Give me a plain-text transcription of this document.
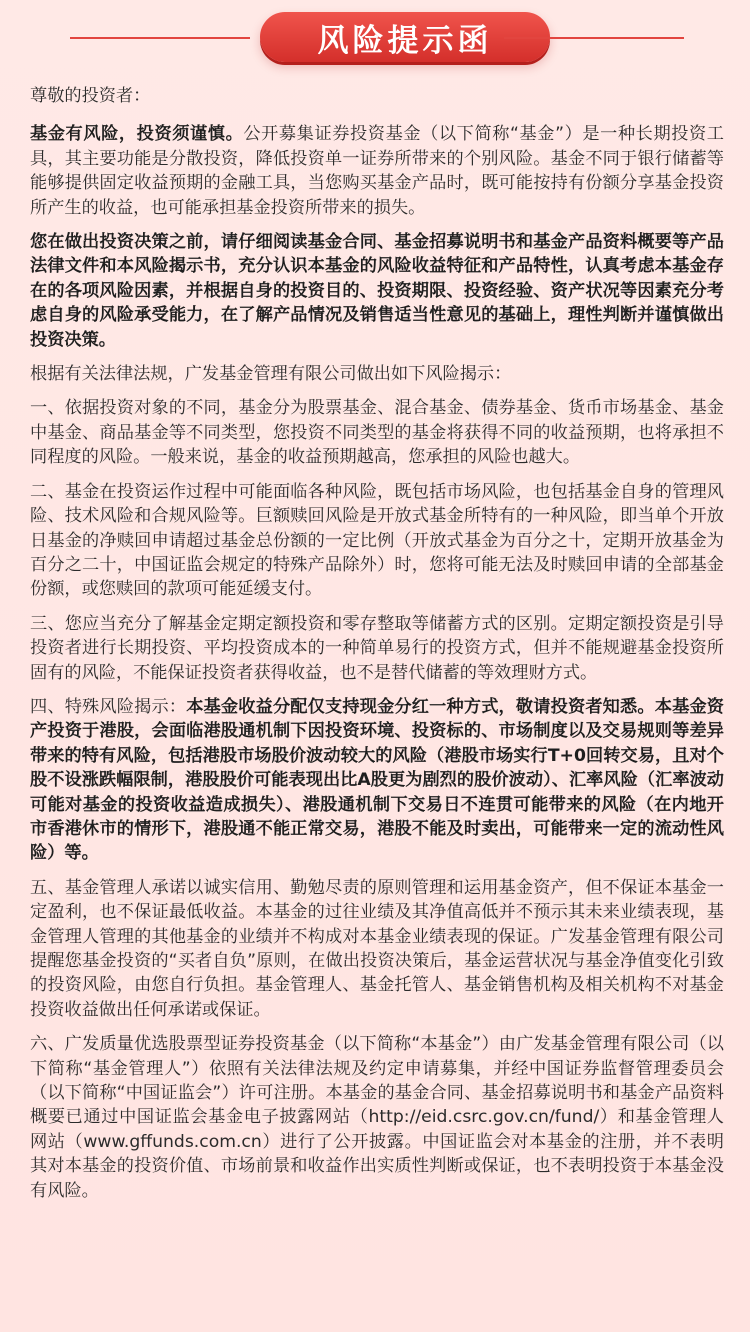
风险提示函

尊敬的投资者：

基金有风险，投资须谨慎。公开募集证券投资基金（以下简称“基金”）是一种长期投资工具，其主要功能是分散投资，降低投资单一证券所带来的个别风险。基金不同于银行储蓄等能够提供固定收益预期的金融工具，当您购买基金产品时，既可能按持有份额分享基金投资所产生的收益，也可能承担基金投资所带来的损失。

您在做出投资决策之前，请仔细阅读基金合同、基金招募说明书和基金产品资料概要等产品法律文件和本风险揭示书，充分认识本基金的风险收益特征和产品特性，认真考虑本基金存在的各项风险因素，并根据自身的投资目的、投资期限、投资经验、资产状况等因素充分考虑自身的风险承受能力，在了解产品情况及销售适当性意见的基础上，理性判断并谨慎做出投资决策。

根据有关法律法规，广发基金管理有限公司做出如下风险揭示：

一、依据投资对象的不同，基金分为股票基金、混合基金、债券基金、货币市场基金、基金中基金、商品基金等不同类型，您投资不同类型的基金将获得不同的收益预期，也将承担不同程度的风险。一般来说，基金的收益预期越高，您承担的风险也越大。

二、基金在投资运作过程中可能面临各种风险，既包括市场风险，也包括基金自身的管理风险、技术风险和合规风险等。巨额赎回风险是开放式基金所特有的一种风险，即当单个开放日基金的净赎回申请超过基金总份额的一定比例（开放式基金为百分之十，定期开放基金为百分之二十，中国证监会规定的特殊产品除外）时，您将可能无法及时赎回申请的全部基金份额，或您赎回的款项可能延缓支付。

三、您应当充分了解基金定期定额投资和零存整取等储蓄方式的区别。定期定额投资是引导投资者进行长期投资、平均投资成本的一种简单易行的投资方式，但并不能规避基金投资所固有的风险，不能保证投资者获得收益，也不是替代储蓄的等效理财方式。

四、特殊风险揭示：本基金收益分配仅支持现金分红一种方式，敬请投资者知悉。本基金资产投资于港股，会面临港股通机制下因投资环境、投资标的、市场制度以及交易规则等差异带来的特有风险，包括港股市场股价波动较大的风险（港股市场实行T+0回转交易，且对个股不设涨跌幅限制，港股股价可能表现出比A股更为剧烈的股价波动）、汇率风险（汇率波动可能对基金的投资收益造成损失）、港股通机制下交易日不连贯可能带来的风险（在内地开市香港休市的情形下，港股通不能正常交易，港股不能及时卖出，可能带来一定的流动性风险）等。

五、基金管理人承诺以诚实信用、勤勉尽责的原则管理和运用基金资产，但不保证本基金一定盈利，也不保证最低收益。本基金的过往业绩及其净值高低并不预示其未来业绩表现，基金管理人管理的其他基金的业绩并不构成对本基金业绩表现的保证。广发基金管理有限公司提醒您基金投资的“买者自负”原则，在做出投资决策后，基金运营状况与基金净值变化引致的投资风险，由您自行负担。基金管理人、基金托管人、基金销售机构及相关机构不对基金投资收益做出任何承诺或保证。

六、广发质量优选股票型证券投资基金（以下简称“本基金”）由广发基金管理有限公司（以下简称“基金管理人”）依照有关法律法规及约定申请募集，并经中国证券监督管理委员会（以下简称“中国证监会”）许可注册。本基金的基金合同、基金招募说明书和基金产品资料概要已通过中国证监会基金电子披露网站（http://eid.csrc.gov.cn/fund/）和基金管理人网站（www.gffunds.com.cn）进行了公开披露。中国证监会对本基金的注册，并不表明其对本基金的投资价值、市场前景和收益作出实质性判断或保证，也不表明投资于本基金没有风险。
